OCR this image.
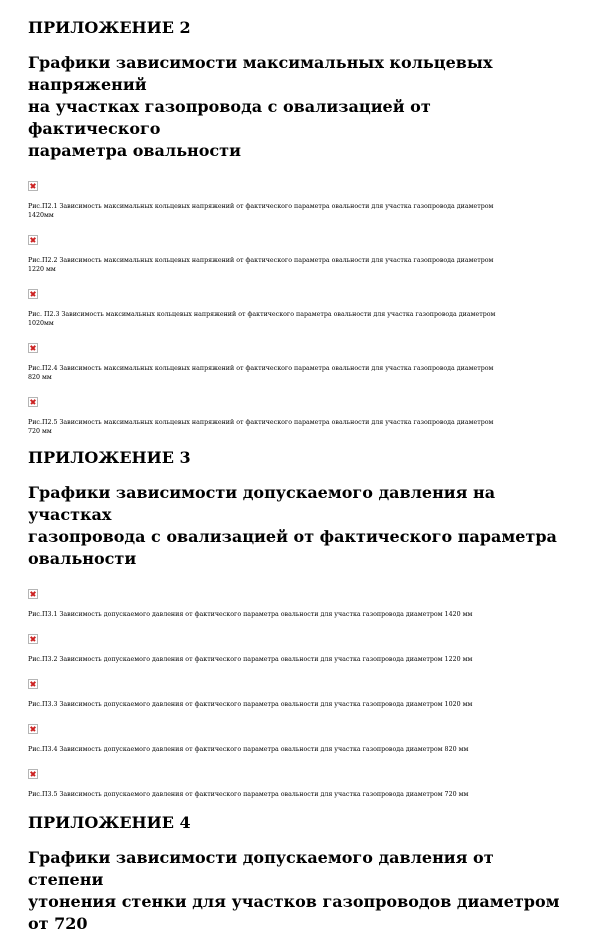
ПРИЛОЖЕНИЕ 2
Графики зависимости максимальных кольцевых напряжений
на участках газопровода с овализацией от фактического
параметра овальности

Рис.П2.1 Зависимость максимальных кольцевых напряжений от фактического параметра овальности для участка газопровода диаметром
1420мм

Рис.П2.2 Зависимость максимальных кольцевых напряжений от фактического параметра овальности для участка газопровода диаметром
1220 мм

Рис. П2.3 Зависимость максимальных кольцевых напряжений от фактического параметра овальности для участка газопровода диаметром
1020мм

Рис.П2.4 Зависимость максимальных кольцевых напряжений от фактического параметра овальности для участка газопровода диаметром
820 мм

Рис.П2.5 Зависимость максимальных кольцевых напряжений от фактического параметра овальности для участка газопровода диаметром
720 мм

ПРИЛОЖЕНИЕ 3
Графики зависимости допускаемого давления на участках
газопровода с овализацией от фактического параметра
овальности

Рис.П3.1 Зависимость допускаемого давления от фактического параметра овальности для участка газопровода диаметром 1420 мм

Рис.П3.2 Зависимость допускаемого давления от фактического параметра овальности для участка газопровода диаметром 1220 мм

Рис.П3.3 Зависимость допускаемого давления от фактического параметра овальности для участка газопровода диаметром 1020 мм

Рис.П3.4 Зависимость допускаемого давления от фактического параметра овальности для участка газопровода диаметром 820 мм

Рис.П3.5 Зависимость допускаемого давления от фактического параметра овальности для участка газопровода диаметром 720 мм

ПРИЛОЖЕНИЕ 4
Графики зависимости допускаемого давления от степени
утонения стенки для участков газопроводов диаметром от 720
